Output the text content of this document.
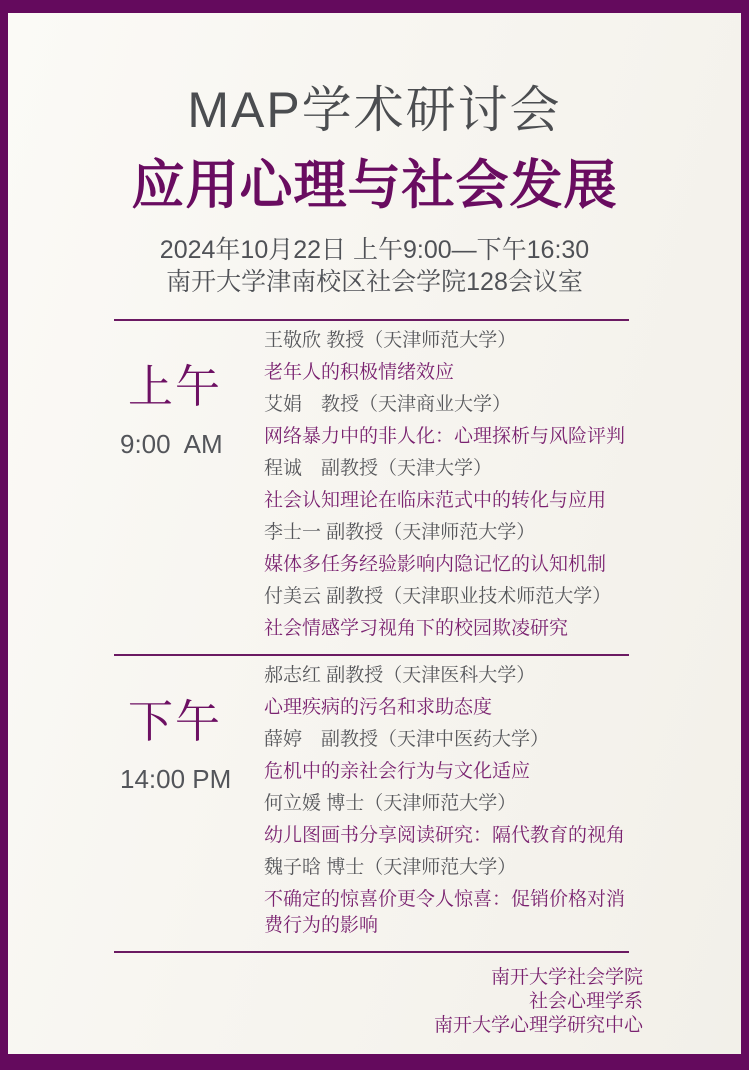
MAP学术研讨会
应用心理与社会发展
2024年10月22日 上午9:00—下午16:30
南开大学津南校区社会学院128会议室
上午
9:00  AM
王敬欣 教授（天津师范大学）
老年人的积极情绪效应
艾娟　教授（天津商业大学）
网络暴力中的非人化：心理探析与风险评判
程诚　副教授（天津大学）
社会认知理论在临床范式中的转化与应用
李士一 副教授（天津师范大学）
媒体多任务经验影响内隐记忆的认知机制
付美云 副教授（天津职业技术师范大学）
社会情感学习视角下的校园欺凌研究
下午
14:00 PM
郝志红 副教授（天津医科大学）
心理疾病的污名和求助态度
薛婷　副教授（天津中医药大学）
危机中的亲社会行为与文化适应
何立媛 博士（天津师范大学）
幼儿图画书分享阅读研究：隔代教育的视角
魏子晗 博士（天津师范大学）
不确定的惊喜价更令人惊喜：促销价格对消费行为的影响
南开大学社会学院
社会心理学系
南开大学心理学研究中心
